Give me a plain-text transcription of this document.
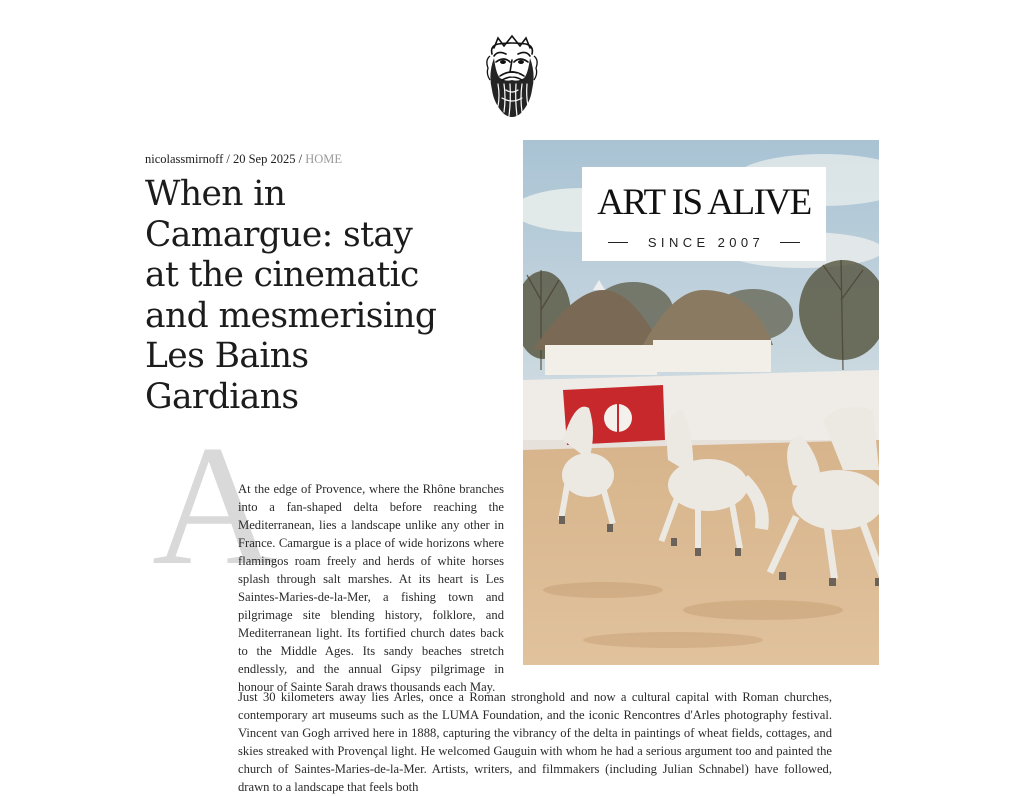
nicolassmirnoff / 20 Sep 2025 / HOME
When in Camargue: stay at the cinematic and mesmerising Les Bains Gardians
A

At the edge of Provence, where the Rhône branches into a fan-shaped delta before reaching the Mediterranean, lies a landscape unlike any other in France. Camargue is a place of wide horizons where flamingos roam freely and herds of white horses splash through salt marshes. At its heart is Les Saintes-Maries-de-la-Mer, a fishing town and pilgrimage site blending history, folklore, and Mediterranean light. Its fortified church dates back to the Middle Ages. Its sandy beaches stretch endlessly, and the annual Gipsy pilgrimage in honour of Sainte Sarah draws thousands each May.

Just 30 kilometers away lies Arles, once a Roman stronghold and now a cultural capital with Roman churches, contemporary art museums such as the LUMA Foundation, and the iconic Rencontres d'Arles photography festival. Vincent van Gogh arrived here in 1888, capturing the vibrancy of the delta in paintings of wheat fields, cottages, and skies streaked with Provençal light. He welcomed Gauguin with whom he had a serious argument too and painted the church of Saintes-Maries-de-la-Mer. Artists, writers, and filmmakers (including Julian Schnabel) have followed, drawn to a landscape that feels both

ART IS ALIVE
SINCE 2007
